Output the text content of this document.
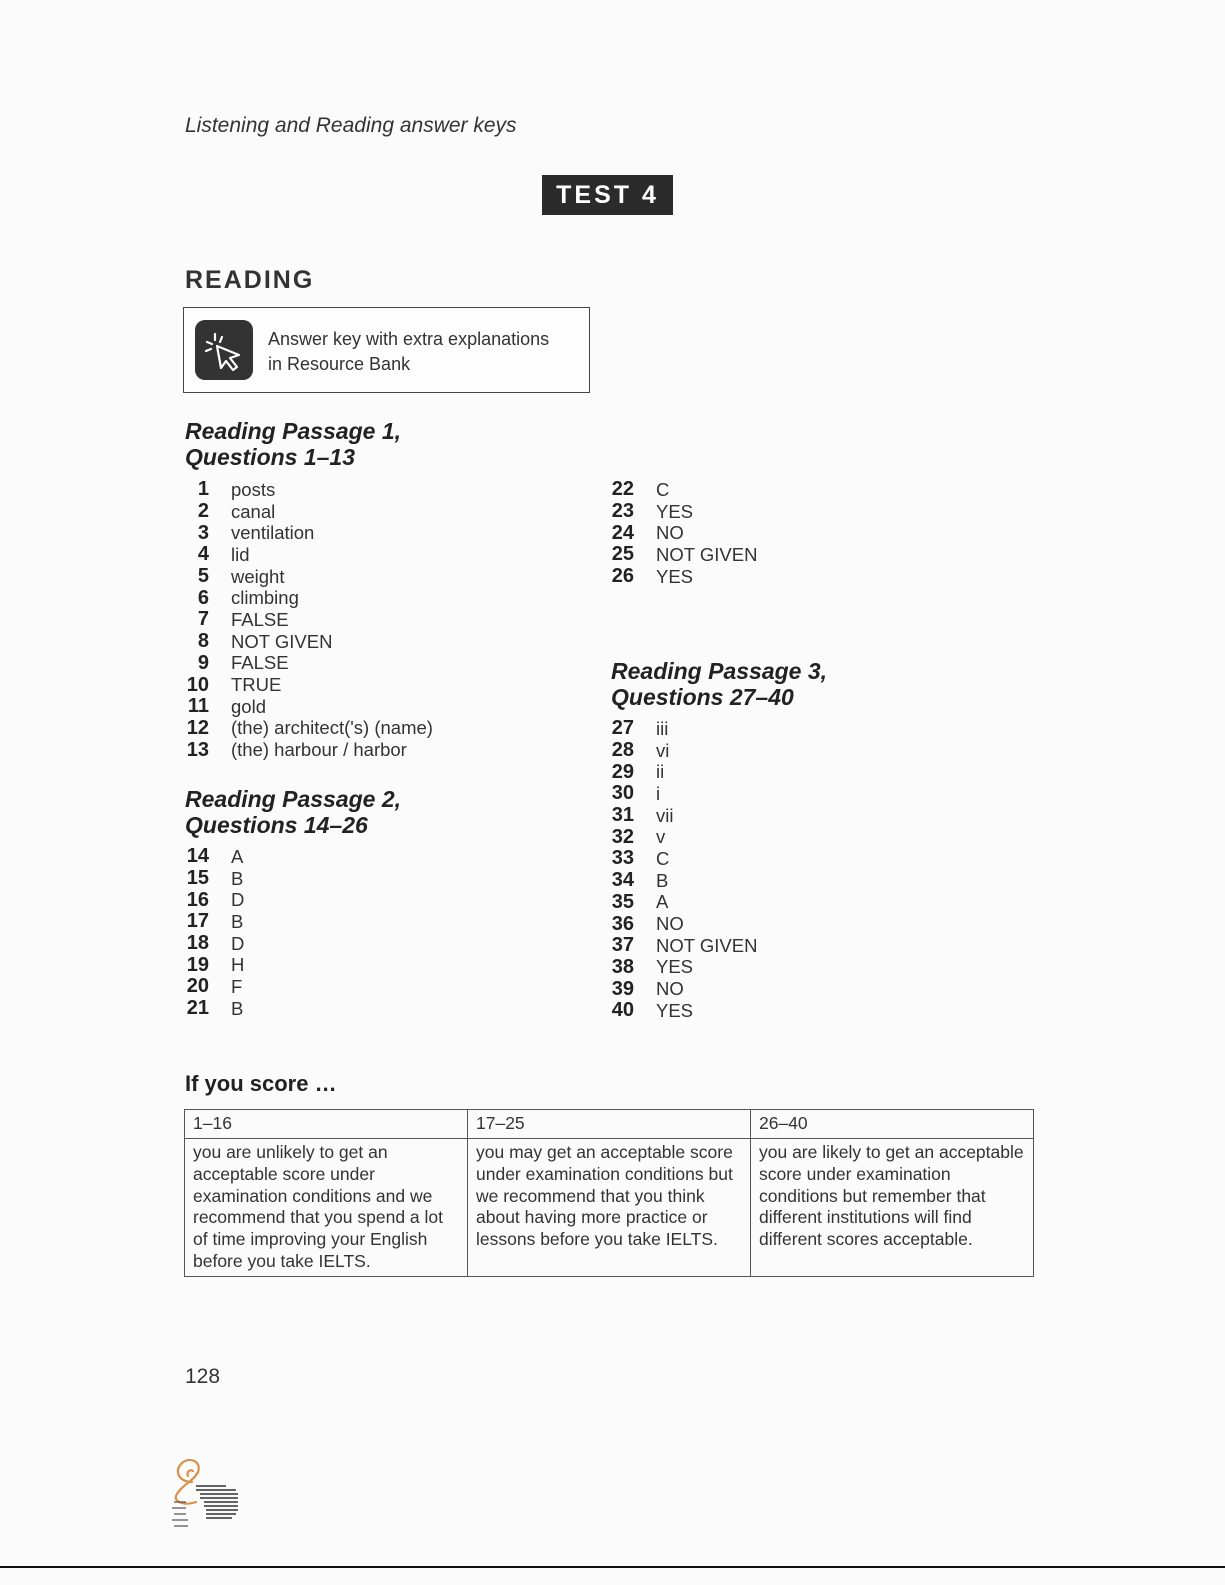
Listening and Reading answer keys
TEST 4
READING
Answer key with extra explanations
in Resource Bank
Reading Passage 1,
Questions 1–13
1 posts
2 canal
3 ventilation
4 lid
5 weight
6 climbing
7 FALSE
8 NOT GIVEN
9 FALSE
10 TRUE
11 gold
12 (the) architect('s) (name)
13 (the) harbour / harbor
Reading Passage 2,
Questions 14–26
14 A
15 B
16 D
17 B
18 D
19 H
20 F
21 B
22 C
23 YES
24 NO
25 NOT GIVEN
26 YES
Reading Passage 3,
Questions 27–40
27 iii
28 vi
29 ii
30 i
31 vii
32 v
33 C
34 B
35 A
36 NO
37 NOT GIVEN
38 YES
39 NO
40 YES
If you score …
1–16	17–25	26–40
you are unlikely to get an acceptable score under examination conditions and we recommend that you spend a lot of time improving your English before you take IELTS.	you may get an acceptable score under examination conditions but we recommend that you think about having more practice or lessons before you take IELTS.	you are likely to get an acceptable score under examination conditions but remember that different institutions will find different scores acceptable.
128
